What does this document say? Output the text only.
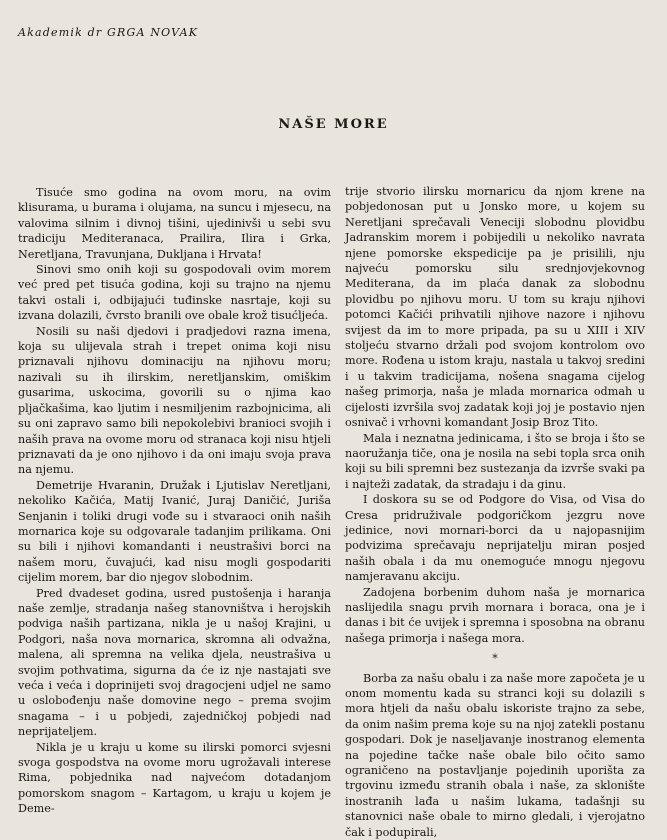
Akademik dr GRGA NOVAK
NAŠE MORE

Tisuće smo godina na ovom moru, na ovim klisurama, u burama i olujama, na suncu i mjesecu, na valovima silnim i divnoj tišini, ujedinivši u sebi svu tradiciju Mediteranaca, Prailira, Ilira i Grka, Neretljana, Travunjana, Dukljana i Hrvata!

Sinovi smo onih koji su gospodovali ovim morem već pred pet tisuća godina, koji su trajno na njemu takvi ostali i, odbijajući tuđinske nasrtaje, koji su izvana dolazili, čvrsto branili ove obale krož tisućljeća.

Nosili su naši djedovi i pradjedovi razna imena, koja su ulijevala strah i trepet onima koji nisu priznavali njihovu dominaciju na njihovu moru; nazivali su ih ilirskim, neretljanskim, omiškim gusarima, uskocima, govorili su o njima kao pljačkašima, kao ljutim i nesmiljenim razbojnicima, ali su oni zapravo samo bili nepokolebivi branioci svojih i naših prava na ovome moru od stranaca koji nisu htjeli priznavati da je ono njihovo i da oni imaju svoja prava na njemu.

Demetrije Hvaranin, Družak i Ljutislav Neretljani, nekoliko Kačića, Matij Ivanić, Juraj Daničić, Juriša Senjanin i toliki drugi vođe su i stvaraoci onih naših mornarica koje su odgovarale tadanjim prilikama. Oni su bili i njihovi komandanti i neustrašivi borci na našem moru, čuvajući, kad nisu mogli gospodariti cijelim morem, bar dio njegov slobodnim.

Pred dvadeset godina, usred pustošenja i haranja naše zemlje, stradanja našeg stanovništva i herojskih podviga naših partizana, nikla je u našoj Krajini, u Podgori, naša nova mornarica, skromna ali odvažna, malena, ali spremna na velika djela, neustrašiva u svojim pothvatima, sigurna da će iz nje nastajati sve veća i veća i doprinijeti svoj dragocjeni udjel ne samo u oslobođenju naše domovine nego – prema svojim snagama – i u pobjedi, zajedničkoj pobjedi nad neprijateljem.

Nikla je u kraju u kome su ilirski pomorci svjesni svoga gospodstva na ovome moru ugrožavali interese Rima, pobjednika nad najvećom dotadanjom pomorskom snagom – Kartagom, u kraju u kojem je Deme-

trije stvorio ilirsku mornaricu da njom krene na pobjedonosan put u Jonsko more, u kojem su Neretljani sprečavali Veneciji slobodnu plovidbu Jadranskim morem i pobijedili u nekoliko navrata njene pomorske ekspedicije pa je prisilili, nju najveću pomorsku silu srednjovjekovnog Mediterana, da im plaća danak za slobodnu plovidbu po njihovu moru. U tom su kraju njihovi potomci Kačići prihvatili njihove nazore i njihovu svijest da im to more pripada, pa su u XIII i XIV stoljeću stvarno držali pod svojom kontrolom ovo more. Rođena u istom kraju, nastala u takvoj sredini i u takvim tradicijama, nošena snagama cijelog našeg primorja, naša je mlada mornarica odmah u cijelosti izvršila svoj zadatak koji joj je postavio njen osnivač i vrhovni komandant Josip Broz Tito.

Mala i neznatna jedinicama, i što se broja i što se naoružanja tiče, ona je nosila na sebi topla srca onih koji su bili spremni bez sustezanja da izvrše svaki pa i najteži zadatak, da stradaju i da ginu.

I doskora su se od Podgore do Visa, od Visa do Cresa pridruživale podgoričkom jezgru nove jedinice, novi mornari-borci da u najopasnijim podvizima sprečavaju neprijatelju miran posjed naših obala i da mu onemoguće mnogu njegovu namjeravanu akciju.

Zadojena borbenim duhom naša je mornarica naslijedila snagu prvih mornara i boraca, ona je i danas i bit će uvijek i spremna i sposobna na obranu našega primorja i našega mora.

*

Borba za našu obalu i za naše more započeta je u onom momentu kada su stranci koji su dolazili s mora htjeli da našu obalu iskoriste trajno za sebe, da onim našim prema koje su na njoj zatekli postanu gospodari. Dok je naseljavanje inostranog elementa na pojedine tačke naše obale bilo očito samo ograničeno na postavljanje pojedinih uporišta za trgovinu između stranih obala i naše, za sklonište inostranih lađa u našim lukama, tadašnji su stanovnici naše obale to mirno gledali, i vjerojatno čak i podupirali,
